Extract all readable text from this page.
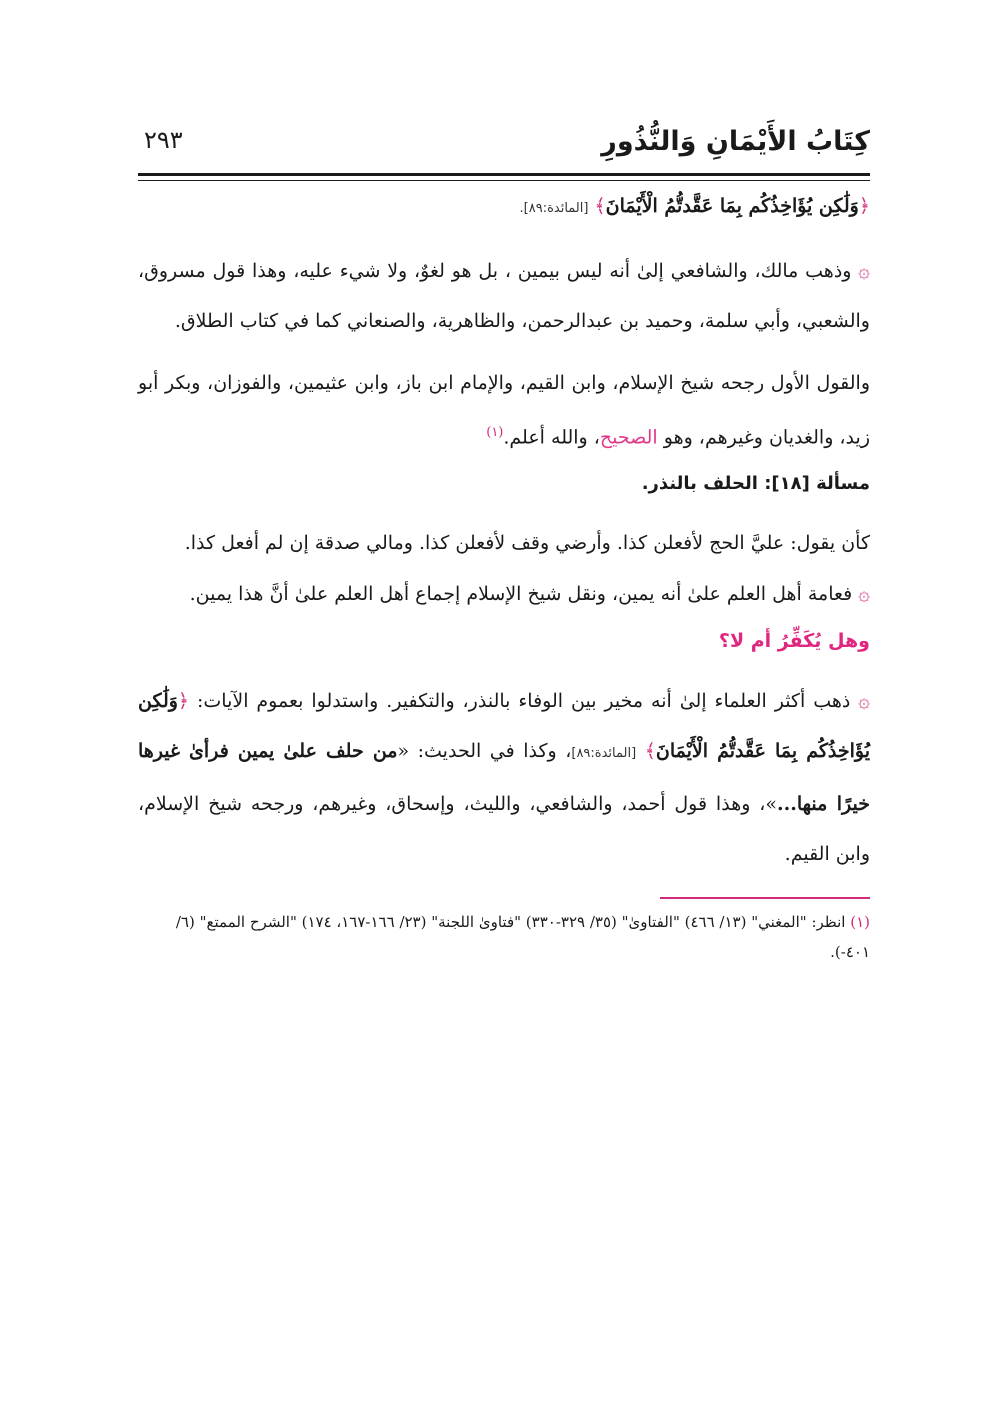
كِتَابُ الأَيْمَانِ وَالنُّذُورِ
٢٩٣

﴿وَلَٰكِن يُؤَاخِذُكُم بِمَا عَقَّدتُّمُ الْأَيْمَانَ﴾ [المائدة:٨٩].

۞ وذهب مالك، والشافعي إلىٰ أنه ليس بيمين ، بل هو لغوٌ، ولا شيء عليه، وهذا قول مسروق، والشعبي، وأبي سلمة، وحميد بن عبدالرحمن، والظاهرية، والصنعاني كما في كتاب الطلاق.

والقول الأول رجحه شيخ الإسلام، وابن القيم، والإمام ابن باز، وابن عثيمين، والفوزان، وبكر أبو زيد، والغديان وغيرهم، وهو الصحيح، والله أعلم.$^{(١)}$

مسألة [١٨]: الحلف بالنذر.

كأن يقول: عليَّ الحج لأفعلن كذا. وأرضي وقف لأفعلن كذا. ومالي صدقة إن لم أفعل كذا.

۞ فعامة أهل العلم علىٰ أنه يمين، ونقل شيخ الإسلام إجماع أهل العلم علىٰ أنَّ هذا يمين.

وهل يُكَفِّرُ أم لا؟

۞ ذهب أكثر العلماء إلىٰ أنه مخير بين الوفاء بالنذر، والتكفير. واستدلوا بعموم الآيات: ﴿وَلَٰكِن يُؤَاخِذُكُم بِمَا عَقَّدتُّمُ الْأَيْمَانَ﴾ [المائدة:٨٩]، وكذا في الحديث: «من حلف علىٰ يمين فرأىٰ غيرها خيرًا منها...»، وهذا قول أحمد، والشافعي، والليث، وإسحاق، وغيرهم، ورجحه شيخ الإسلام، وابن القيم.

(١) انظر: "المغني" (١٣/ ٤٦٦) "الفتاوىٰ" (٣٥/ ٣٢٩-٣٣٠) "فتاوىٰ اللجنة" (٢٣/ ١٦٦-١٦٧، ١٧٤) "الشرح الممتع" (٦/ ٤٠١-).
